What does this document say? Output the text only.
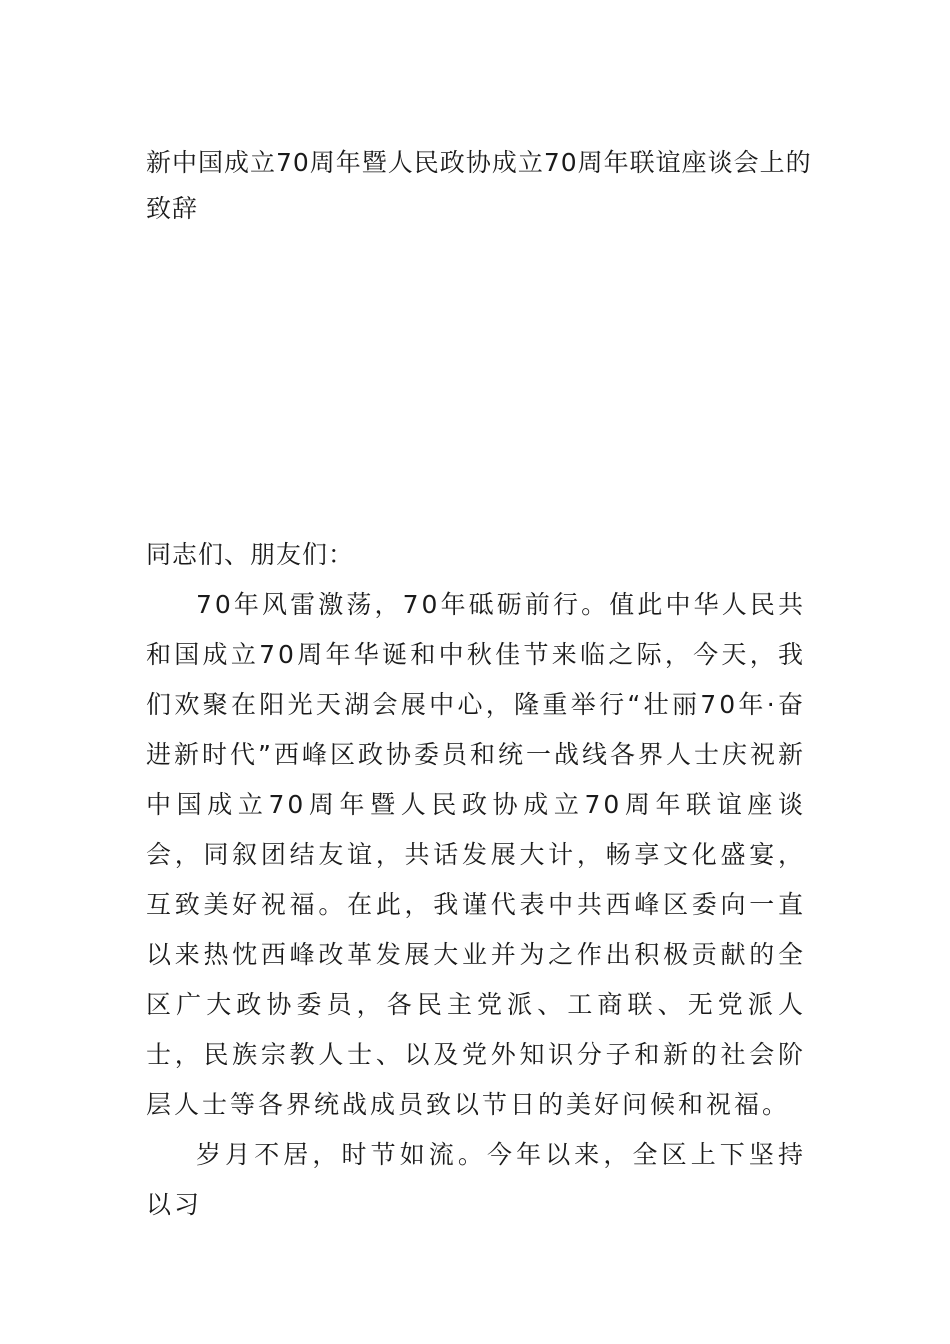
新中国成立70周年暨人民政协成立70周年联谊座谈会上的致辞

同志们、朋友们：

70年风雷激荡，70年砥砺前行。值此中华人民共和国成立70周年华诞和中秋佳节来临之际，今天，我们欢聚在阳光天湖会展中心，隆重举行“壮丽70年·奋进新时代”西峰区政协委员和统一战线各界人士庆祝新中国成立70周年暨人民政协成立70周年联谊座谈会，同叙团结友谊，共话发展大计，畅享文化盛宴，互致美好祝福。在此，我谨代表中共西峰区委向一直以来热忱西峰改革发展大业并为之作出积极贡献的全区广大政协委员，各民主党派、工商联、无党派人士，民族宗教人士、以及党外知识分子和新的社会阶层人士等各界统战成员致以节日的美好问候和祝福。

岁月不居，时节如流。今年以来，全区上下坚持以习
